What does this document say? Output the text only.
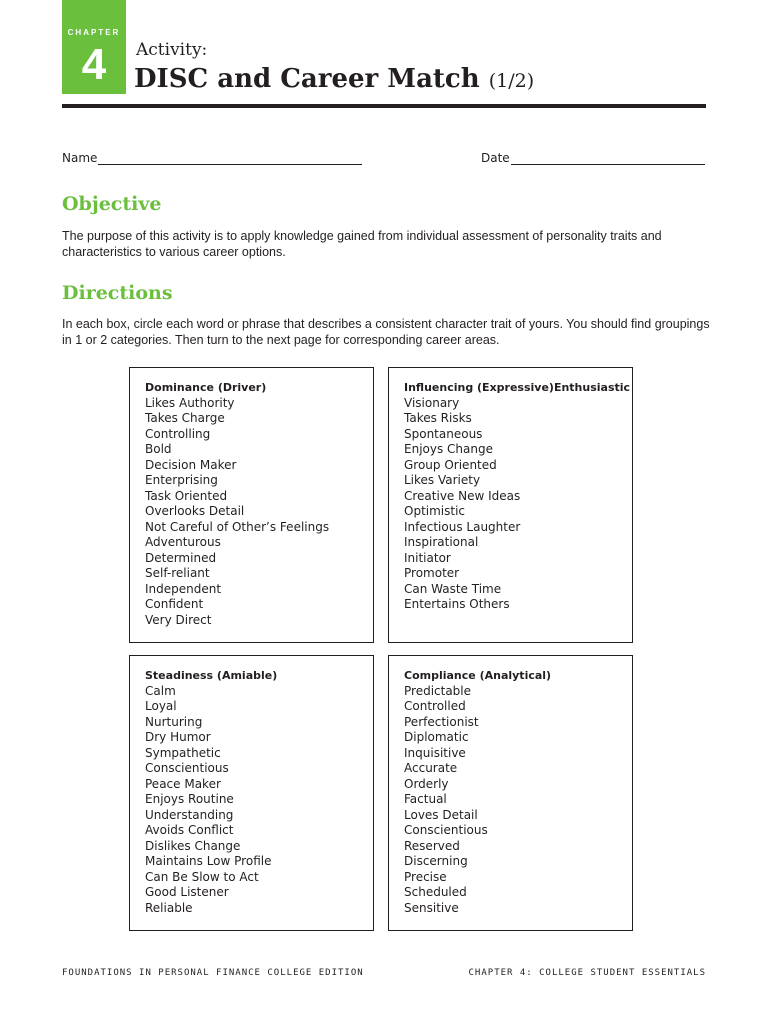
CHAPTER
4	Activity:
DISC and Career Match (1/2)
Name	Date
Objective

The purpose of this activity is to apply knowledge gained from individual assessment of personality traits and characteristics to various career options.

Directions

In each box, circle each word or phrase that describes a consistent character trait of yours. You should find groupings in 1 or 2 categories. Then turn to the next page for corresponding career areas.

Dominance (Driver)
Likes Authority
Takes Charge
Controlling
Bold
Decision Maker
Enterprising
Task Oriented
Overlooks Detail
Not Careful of Other’s Feelings
Adventurous
Determined
Self-reliant
Independent
Confident
Very Direct
Influencing (Expressive)Enthusiastic
Visionary
Takes Risks
Spontaneous
Enjoys Change
Group Oriented
Likes Variety
Creative New Ideas
Optimistic
Infectious Laughter
Inspirational
Initiator
Promoter
Can Waste Time
Entertains Others
Steadiness (Amiable)
Calm
Loyal
Nurturing
Dry Humor
Sympathetic
Conscientious
Peace Maker
Enjoys Routine
Understanding
Avoids Conflict
Dislikes Change
Maintains Low Profile
Can Be Slow to Act
Good Listener
Reliable
Compliance (Analytical)
Predictable
Controlled
Perfectionist
Diplomatic
Inquisitive
Accurate
Orderly
Factual
Loves Detail
Conscientious
Reserved
Discerning
Precise
Scheduled
Sensitive
FOUNDATIONS IN PERSONAL FINANCE COLLEGE EDITION	CHAPTER 4: COLLEGE STUDENT ESSENTIALS
